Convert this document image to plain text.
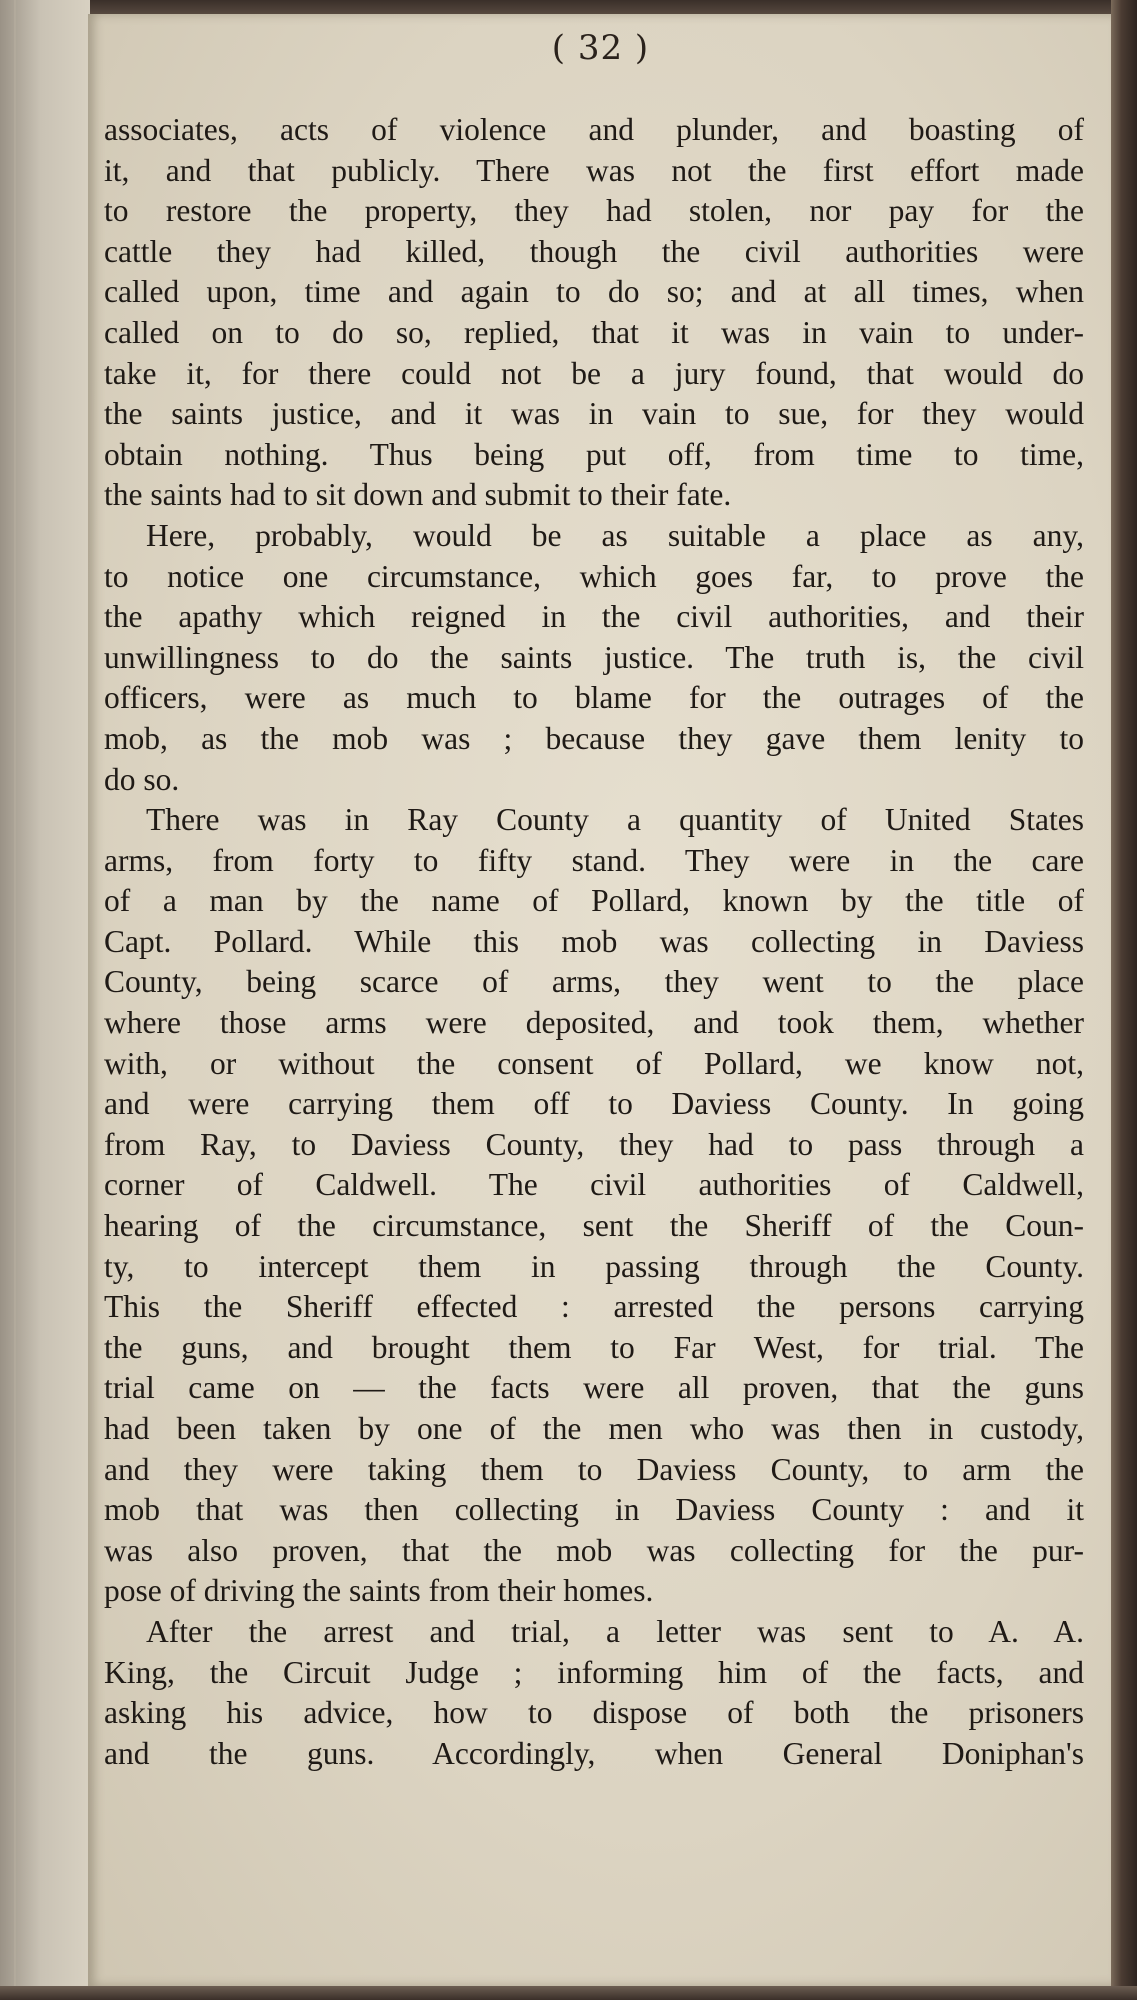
( 32 )
associates, acts of violence and plunder, and boasting of
it, and that publicly. There was not the first effort made
to restore the property, they had stolen, nor pay for the
cattle they had killed, though the civil authorities were
called upon, time and again to do so; and at all times, when
called on to do so, replied, that it was in vain to under-
take it, for there could not be a jury found, that would do
the saints justice, and it was in vain to sue, for they would
obtain nothing. Thus being put off, from time to time,
the saints had to sit down and submit to their fate.
Here, probably, would be as suitable a place as any,
to notice one circumstance, which goes far, to prove the
the apathy which reigned in the civil authorities, and their
unwillingness to do the saints justice. The truth is, the civil
officers, were as much to blame for the outrages of the
mob, as the mob was ; because they gave them lenity to
do so.
There was in Ray County a quantity of United States
arms, from forty to fifty stand. They were in the care
of a man by the name of Pollard, known by the title of
Capt. Pollard. While this mob was collecting in Daviess
County, being scarce of arms, they went to the place
where those arms were deposited, and took them, whether
with, or without the consent of Pollard, we know not,
and were carrying them off to Daviess County. In going
from Ray, to Daviess County, they had to pass through a
corner of Caldwell. The civil authorities of Caldwell,
hearing of the circumstance, sent the Sheriff of the Coun-
ty, to intercept them in passing through the County.
This the Sheriff effected : arrested the persons carrying
the guns, and brought them to Far West, for trial. The
trial came on — the facts were all proven, that the guns
had been taken by one of the men who was then in custody,
and they were taking them to Daviess County, to arm the
mob that was then collecting in Daviess County : and it
was also proven, that the mob was collecting for the pur-
pose of driving the saints from their homes.
After the arrest and trial, a letter was sent to A. A.
King, the Circuit Judge ; informing him of the facts, and
asking his advice, how to dispose of both the prisoners
and the guns. Accordingly, when General Doniphan's
